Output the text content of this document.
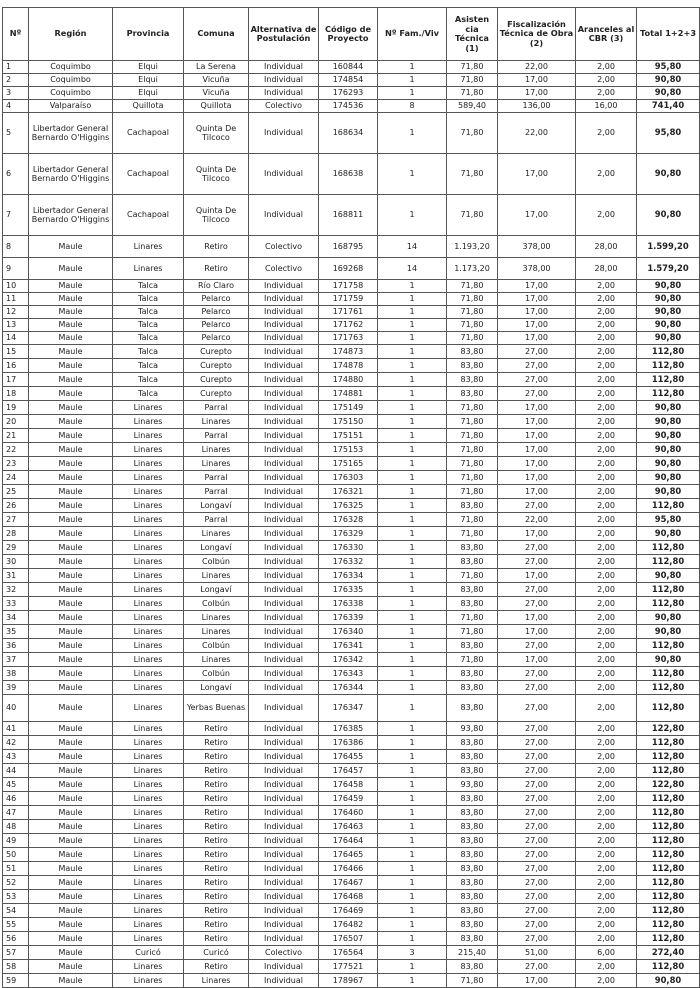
Nº	Región	Provincia	Comuna	Alternativa de Postulación	Código de Proyecto	Nº Fam./Viv	Asisten cia Técnica (1)	Fiscalización Técnica de Obra (2)	Aranceles al CBR (3)	Total 1+2+3
1	Coquimbo	Elqui	La Serena	Individual	160844	1	71,80	22,00	2,00	95,80
2	Coquimbo	Elqui	Vicuña	Individual	174854	1	71,80	17,00	2,00	90,80
3	Coquimbo	Elqui	Vicuña	Individual	176293	1	71,80	17,00	2,00	90,80
4	Valparaíso	Quillota	Quillota	Colectivo	174536	8	589,40	136,00	16,00	741,40
5	Libertador General Bernardo O'Higgins	Cachapoal	Quinta De Tilcoco	Individual	168634	1	71,80	22,00	2,00	95,80
6	Libertador General Bernardo O'Higgins	Cachapoal	Quinta De Tilcoco	Individual	168638	1	71,80	17,00	2,00	90,80
7	Libertador General Bernardo O'Higgins	Cachapoal	Quinta De Tilcoco	Individual	168811	1	71,80	17,00	2,00	90,80
8	Maule	Linares	Retiro	Colectivo	168795	14	1.193,20	378,00	28,00	1.599,20
9	Maule	Linares	Retiro	Colectivo	169268	14	1.173,20	378,00	28,00	1.579,20
10	Maule	Talca	Río Claro	Individual	171758	1	71,80	17,00	2,00	90,80
11	Maule	Talca	Pelarco	Individual	171759	1	71,80	17,00	2,00	90,80
12	Maule	Talca	Pelarco	Individual	171761	1	71,80	17,00	2,00	90,80
13	Maule	Talca	Pelarco	Individual	171762	1	71,80	17,00	2,00	90,80
14	Maule	Talca	Pelarco	Individual	171763	1	71,80	17,00	2,00	90,80
15	Maule	Talca	Curepto	Individual	174873	1	83,80	27,00	2,00	112,80
16	Maule	Talca	Curepto	Individual	174878	1	83,80	27,00	2,00	112,80
17	Maule	Talca	Curepto	Individual	174880	1	83,80	27,00	2,00	112,80
18	Maule	Talca	Curepto	Individual	174881	1	83,80	27,00	2,00	112,80
19	Maule	Linares	Parral	Individual	175149	1	71,80	17,00	2,00	90,80
20	Maule	Linares	Linares	Individual	175150	1	71,80	17,00	2,00	90,80
21	Maule	Linares	Parral	Individual	175151	1	71,80	17,00	2,00	90,80
22	Maule	Linares	Linares	Individual	175153	1	71,80	17,00	2,00	90,80
23	Maule	Linares	Linares	Individual	175165	1	71,80	17,00	2,00	90,80
24	Maule	Linares	Parral	Individual	176303	1	71,80	17,00	2,00	90,80
25	Maule	Linares	Parral	Individual	176321	1	71,80	17,00	2,00	90,80
26	Maule	Linares	Longaví	Individual	176325	1	83,80	27,00	2,00	112,80
27	Maule	Linares	Parral	Individual	176328	1	71,80	22,00	2,00	95,80
28	Maule	Linares	Linares	Individual	176329	1	71,80	17,00	2,00	90,80
29	Maule	Linares	Longaví	Individual	176330	1	83,80	27,00	2,00	112,80
30	Maule	Linares	Colbún	Individual	176332	1	83,80	27,00	2,00	112,80
31	Maule	Linares	Linares	Individual	176334	1	71,80	17,00	2,00	90,80
32	Maule	Linares	Longaví	Individual	176335	1	83,80	27,00	2,00	112,80
33	Maule	Linares	Colbún	Individual	176338	1	83,80	27,00	2,00	112,80
34	Maule	Linares	Linares	Individual	176339	1	71,80	17,00	2,00	90,80
35	Maule	Linares	Linares	Individual	176340	1	71,80	17,00	2,00	90,80
36	Maule	Linares	Colbún	Individual	176341	1	83,80	27,00	2,00	112,80
37	Maule	Linares	Linares	Individual	176342	1	71,80	17,00	2,00	90,80
38	Maule	Linares	Colbún	Individual	176343	1	83,80	27,00	2,00	112,80
39	Maule	Linares	Longaví	Individual	176344	1	83,80	27,00	2,00	112,80
40	Maule	Linares	Yerbas Buenas	Individual	176347	1	83,80	27,00	2,00	112,80
41	Maule	Linares	Retiro	Individual	176385	1	93,80	27,00	2,00	122,80
42	Maule	Linares	Retiro	Individual	176386	1	83,80	27,00	2,00	112,80
43	Maule	Linares	Retiro	Individual	176455	1	83,80	27,00	2,00	112,80
44	Maule	Linares	Retiro	Individual	176457	1	83,80	27,00	2,00	112,80
45	Maule	Linares	Retiro	Individual	176458	1	93,80	27,00	2,00	122,80
46	Maule	Linares	Retiro	Individual	176459	1	83,80	27,00	2,00	112,80
47	Maule	Linares	Retiro	Individual	176460	1	83,80	27,00	2,00	112,80
48	Maule	Linares	Retiro	Individual	176463	1	83,80	27,00	2,00	112,80
49	Maule	Linares	Retiro	Individual	176464	1	83,80	27,00	2,00	112,80
50	Maule	Linares	Retiro	Individual	176465	1	83,80	27,00	2,00	112,80
51	Maule	Linares	Retiro	Individual	176466	1	83,80	27,00	2,00	112,80
52	Maule	Linares	Retiro	Individual	176467	1	83,80	27,00	2,00	112,80
53	Maule	Linares	Retiro	Individual	176468	1	83,80	27,00	2,00	112,80
54	Maule	Linares	Retiro	Individual	176469	1	83,80	27,00	2,00	112,80
55	Maule	Linares	Retiro	Individual	176482	1	83,80	27,00	2,00	112,80
56	Maule	Linares	Retiro	Individual	176507	1	83,80	27,00	2,00	112,80
57	Maule	Curicó	Curicó	Colectivo	176564	3	215,40	51,00	6,00	272,40
58	Maule	Linares	Retiro	Individual	177521	1	83,80	27,00	2,00	112,80
59	Maule	Linares	Linares	Individual	178967	1	71,80	17,00	2,00	90,80
